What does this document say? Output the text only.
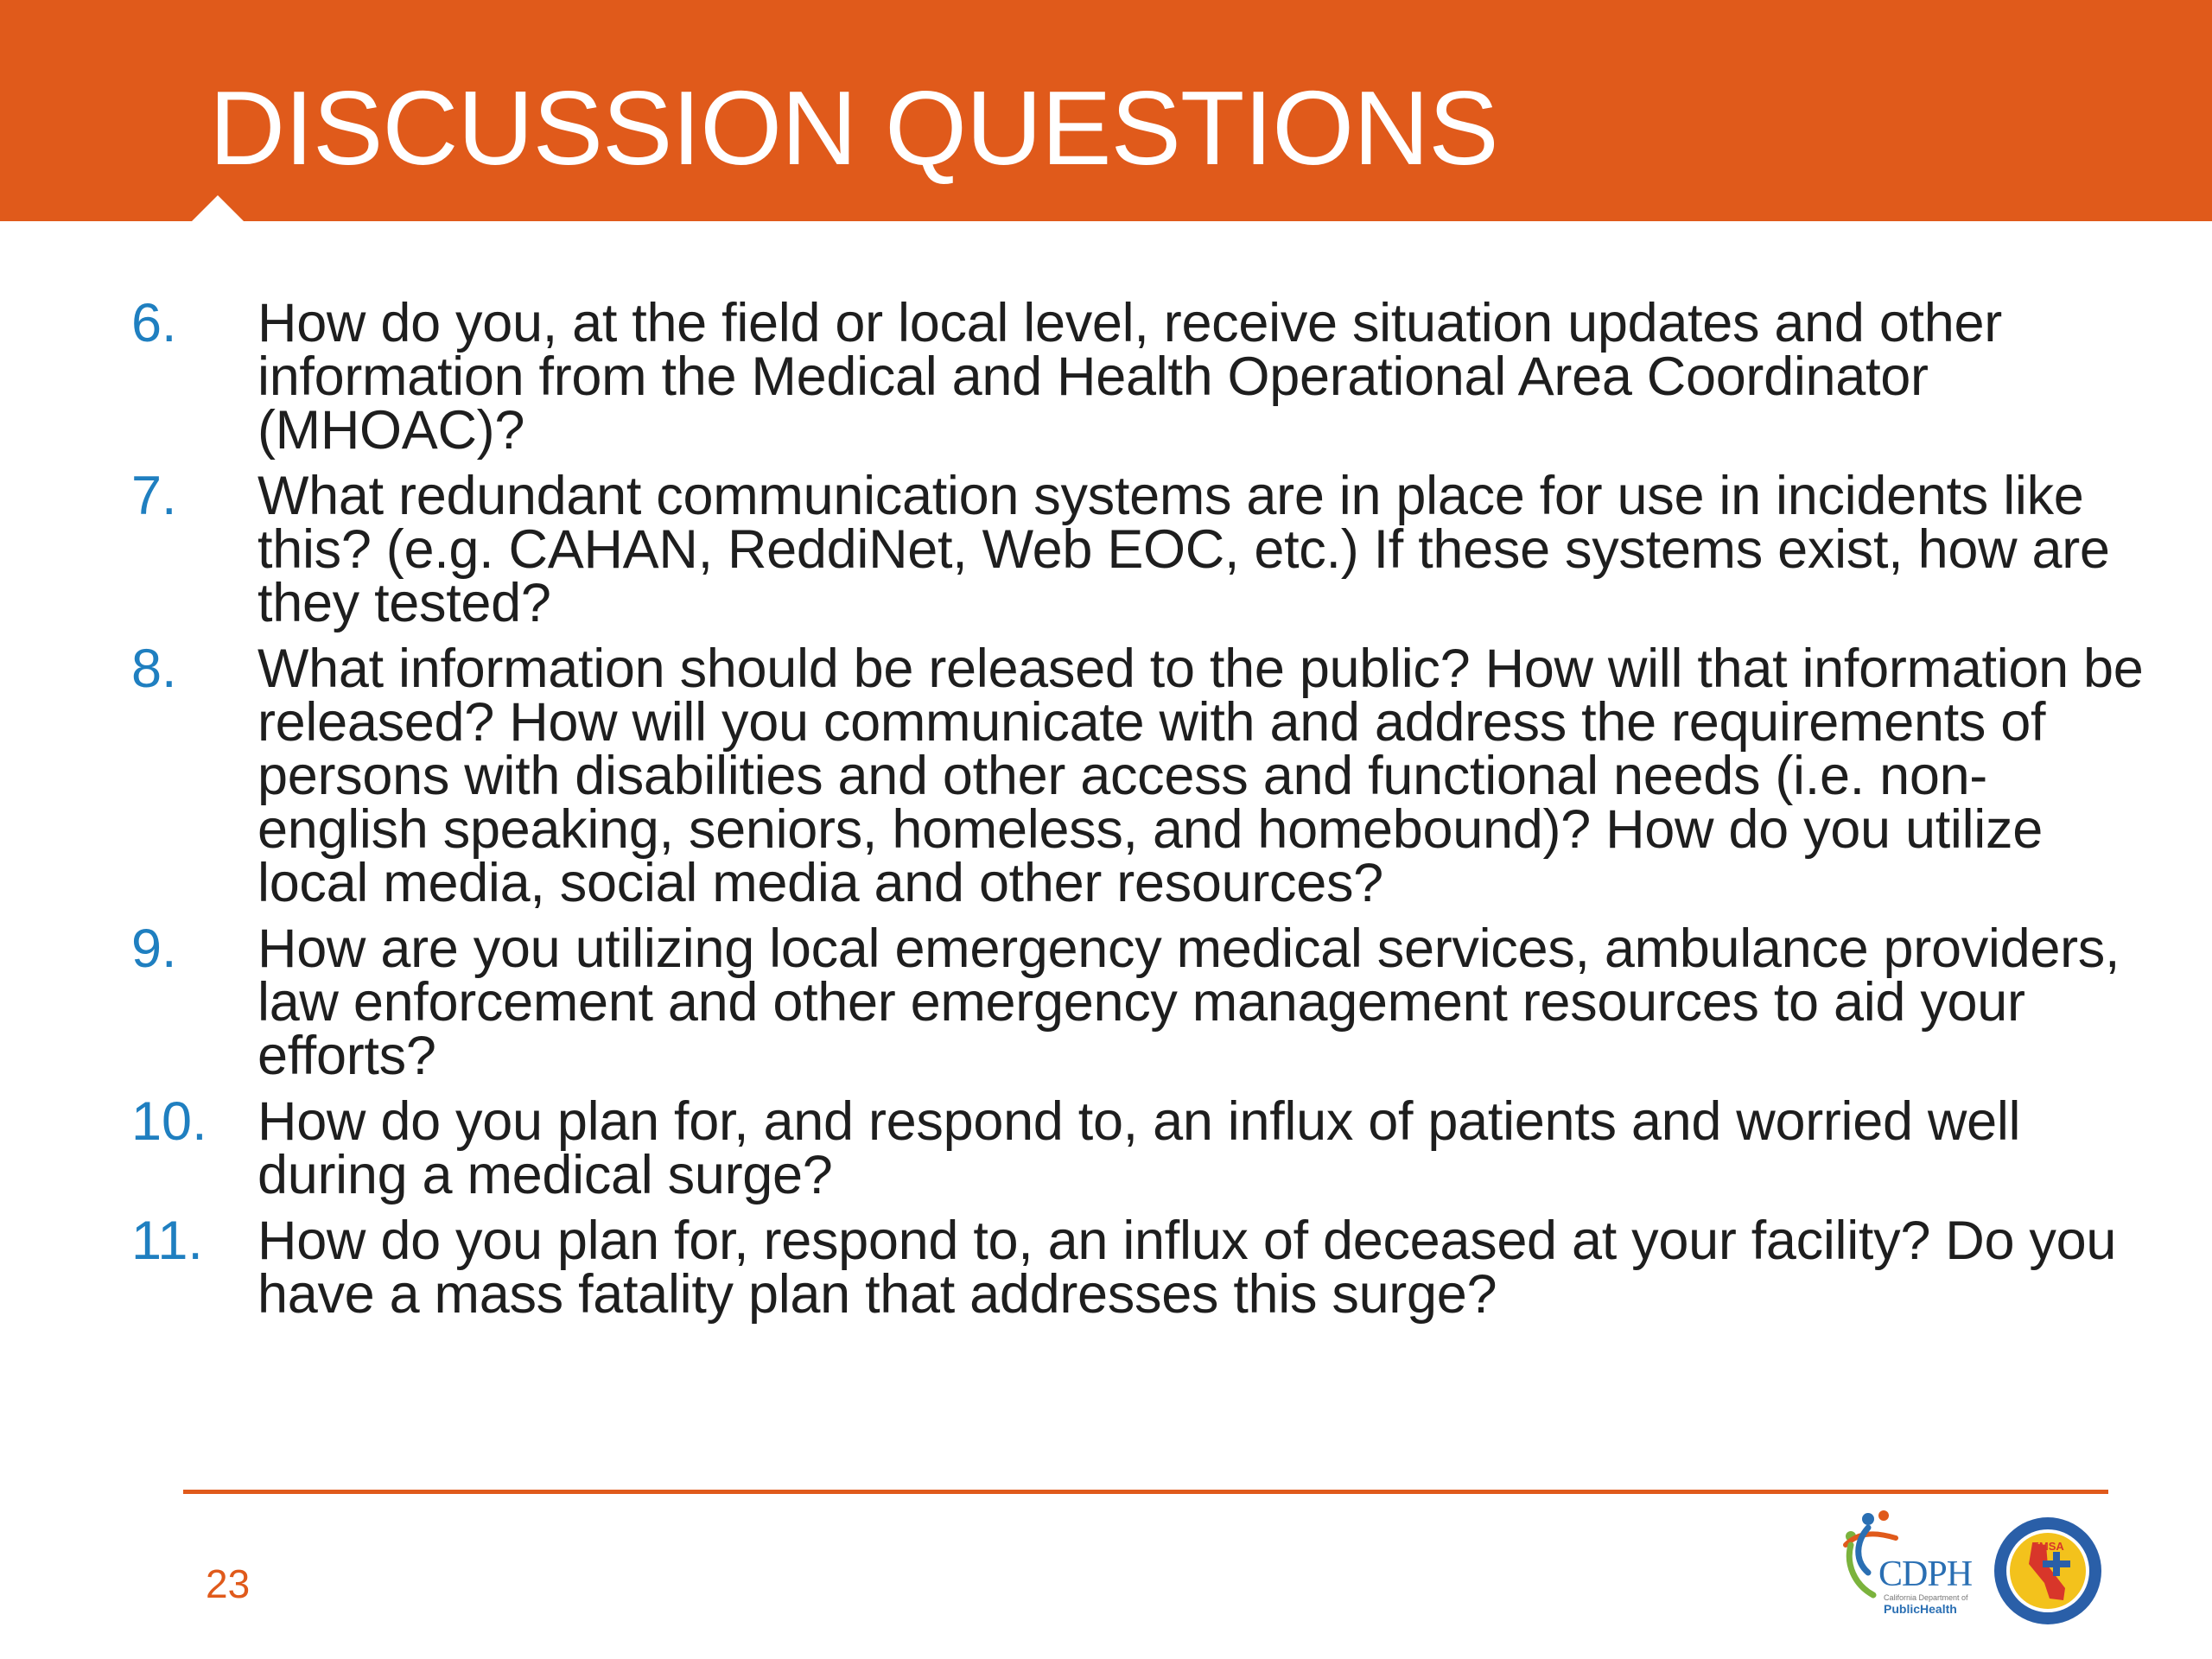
DISCUSSION QUESTIONS
6.	How do you, at the field or local level, receive situation updates and other information from the Medical and Health Operational Area Coordinator (MHOAC)?
7.	What redundant communication systems are in place for use in incidents like this? (e.g. CAHAN, ReddiNet, Web EOC, etc.) If these systems exist, how are they tested?
8.	What information should be released to the public? How will that information be released? How will you communicate with and address the requirements of persons with disabilities and other access and functional needs (i.e. non-english speaking, seniors, homeless, and homebound)? How do you utilize local media, social media and other resources?
9.	How are you utilizing local emergency medical services, ambulance providers, law enforcement and other emergency management resources to aid your efforts?
10. How do you plan for, and respond to, an influx of patients and worried well during a medical surge?
11.	How do you plan for, respond to, an influx of deceased at your facility? Do you have a mass fatality plan that addresses this surge?
23	CDPH
California Department of
PublicHealth
EMSA
